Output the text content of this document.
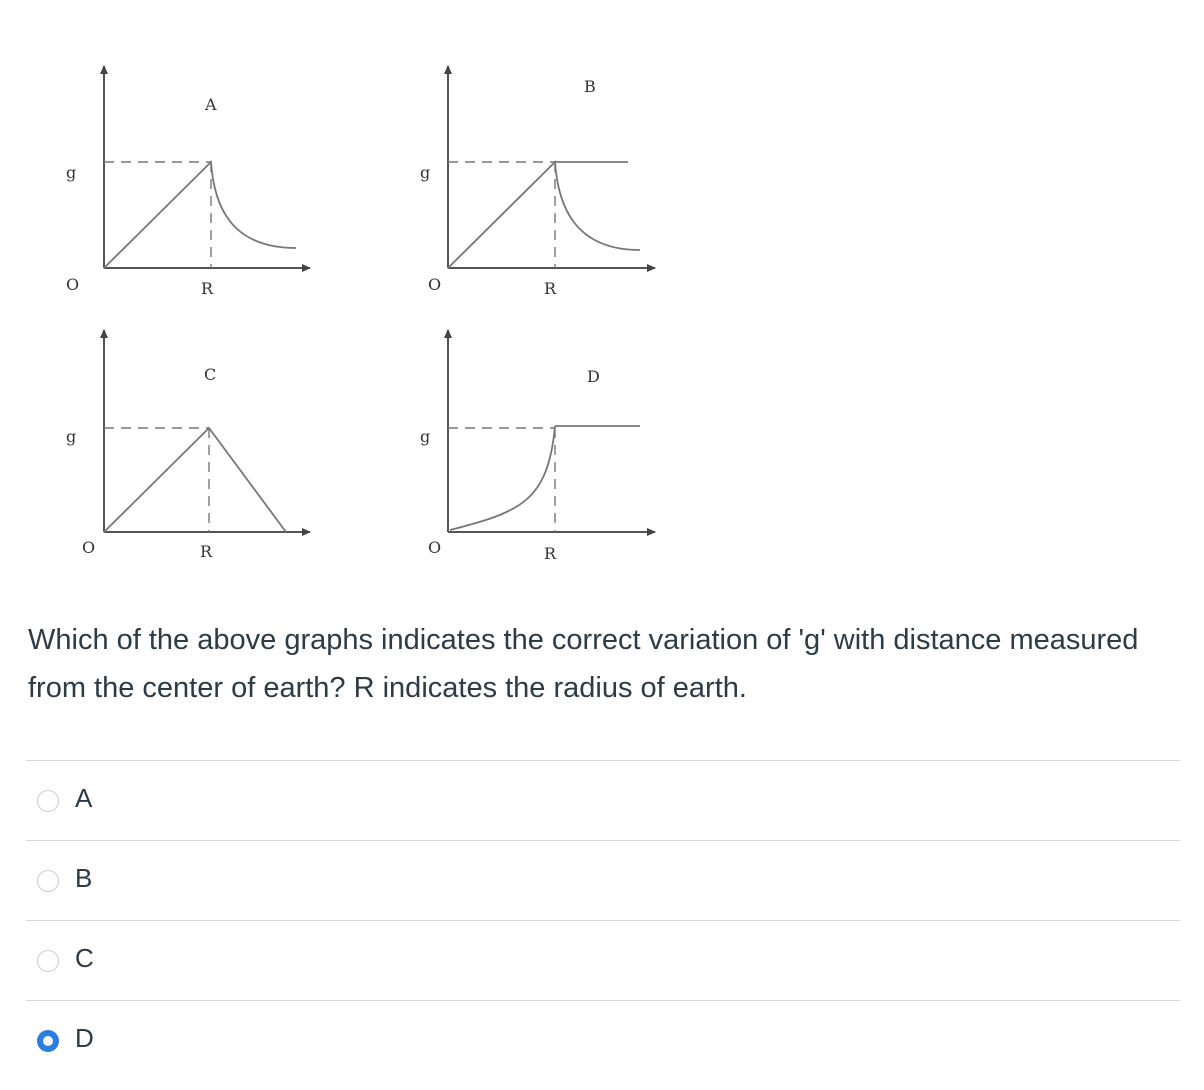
A
g
O	R
B
g
O	R
C
g
O	R
D
g
O	R
Which of the above graphs indicates the correct variation of 'g' with distance measured from the center of earth? R indicates the radius of earth.
A
B
C
D
